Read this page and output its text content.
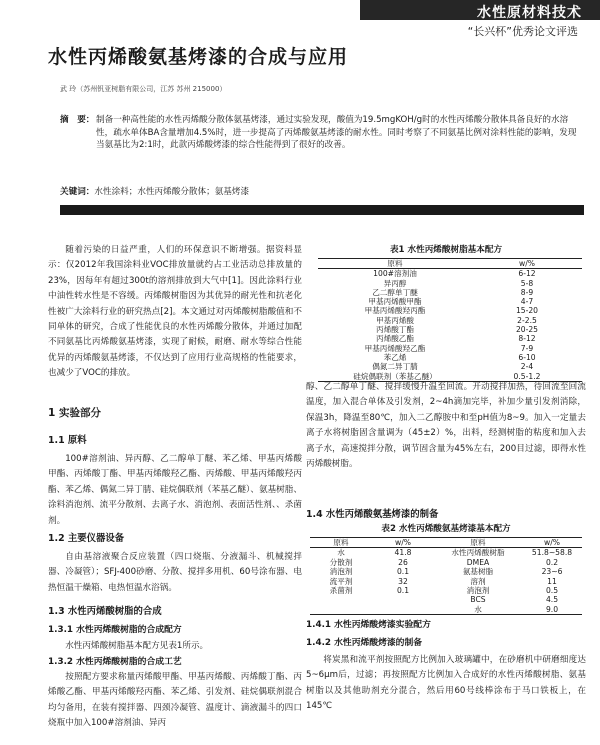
水性原材料技术
“长兴杯”优秀论文评选
水性丙烯酸氨基烤漆的合成与应用
武 玲（苏州钒亚树脂有限公司，江苏 苏州 215000）
摘　要： 制备一种高性能的水性丙烯酸分散体氨基烤漆，通过实验发现，酸值为19.5mgKOH/g时的水性丙烯酸分散体具备良好的水溶性，疏水单体BA含量增加4.5%时，进一步提高了丙烯酸氨基烤漆的耐水性。同时考察了不同氨基比例对涂料性能的影响，发现当氨基比为2:1时，此款丙烯酸烤漆的综合性能得到了很好的改善。
关键词：水性涂料；水性丙烯酸分散体；氨基烤漆

随着污染的日益严重，人们的环保意识不断增强。据资料显示：仅2012年我国涂料业VOC排放量就约占工业活动总排放量的23%，因每年有超过300t的溶剂排放到大气中[1]。因此涂料行业中油性转水性是不容缓。丙烯酸树脂因为其优异的耐光性和抗老化性被广大涂料行业的研究热点[2]。本文通过对丙烯酸树脂酸值和不同单体的研究，合成了性能优良的水性丙烯酸分散体，并通过加配不同氨基比丙烯酸氨基烤漆，实现了耐候，耐磨、耐水等综合性能优异的丙烯酸氨基烤漆，不仅达到了应用行业高规格的性能要求，也减少了VOC的排放。

1 实验部分
1.1 原料

100#溶剂油、异丙醇、乙二醇单丁醚、苯乙烯、甲基丙烯酸甲酯、丙烯酸丁酯、甲基丙烯酸羟乙酯、丙烯酸、甲基丙烯酸羟丙酯、苯乙烯、偶氮二异丁腈、硅烷偶联剂（苯基乙醚）、氨基树脂、涂料消泡剂、流平分散剂、去离子水、消泡剂、表面活性剂、、杀菌剂。

1.2 主要仪器设备

自由基溶液聚合反应装置（四口烧瓶、分液漏斗、机械搅拌器、冷凝管）；SFJ-400砂磨、分散、搅拌多用机、60号涂布器、电热恒温干燥箱、电热恒温水浴锅。

1.3 水性丙烯酸树脂的合成
1.3.1 水性丙烯酸树脂的合成配方

水性丙烯酸树脂基本配方见表1所示。

1.3.2 水性丙烯酸树脂的合成工艺

按照配方要求称量丙烯酸甲酯、甲基丙烯酸、丙烯酸丁酯、丙烯酸乙酯、甲基丙烯酸羟丙酯、苯乙烯、引发剂、硅烷偶联剂混合均匀备用，在装有搅拌器、四颈冷凝管、温度计、滴液漏斗的四口烧瓶中加入100#溶剂油、异丙

表1 水性丙烯酸树脂基本配方
原料	w/%
100#溶剂油	6-12
异丙醇	5-8
乙二醇单丁醚	8-9
甲基丙烯酸甲酯	4-7
甲基丙烯酸羟丙酯	15-20
甲基丙烯酸	2-2.5
丙烯酸丁酯	20-25
丙烯酸乙酯	8-12
甲基丙烯酸羟乙酯	7-9
苯乙烯	6-10
偶氮二异丁腈	2-4
硅烷偶联剂（苯基乙醚）	0.5-1.2

醇、乙二醇单丁醚、搅拌缓慢升温至回流。开动搅拌加热，待回流至回流温度，加入混合单体及引发剂，2~4h滴加完毕，补加少量引发剂消除，保温3h，降温至80℃，加入二乙醇胺中和至pH值为8~9。加入一定量去离子水将树脂固含量调为（45±2）%，出料，经测树脂的粘度和加入去离子水，高速搅拌分散，调节固含量为45%左右，200目过滤，即得水性丙烯酸树脂。

1.4 水性丙烯酸氨基烤漆的制备
表2 水性丙烯酸氨基烤漆基本配方
原料	w/%	原料	w/%
水	41.8	水性丙烯酸树脂	51.8~58.8
分散剂	26	DMEA	0.2
消泡剂	0.1	氨基树脂	23~6
流平剂	32	溶剂	11
杀菌剂	0.1	消泡剂	0.5
		BCS	4.5
		水	9.0
1.4.1 水性丙烯酸烤漆实验配方
1.4.2 水性丙烯酸烤漆的制备

将炭黑和流平剂按照配方比例加入玻璃罐中，在砂磨机中研磨细度达5~6μm后，过滤；再按照配方比例加入合成好的水性丙烯酸树脂、氨基树脂以及其他助剂充分混合，然后用60号线棒涂布于马口铁板上，在145℃
